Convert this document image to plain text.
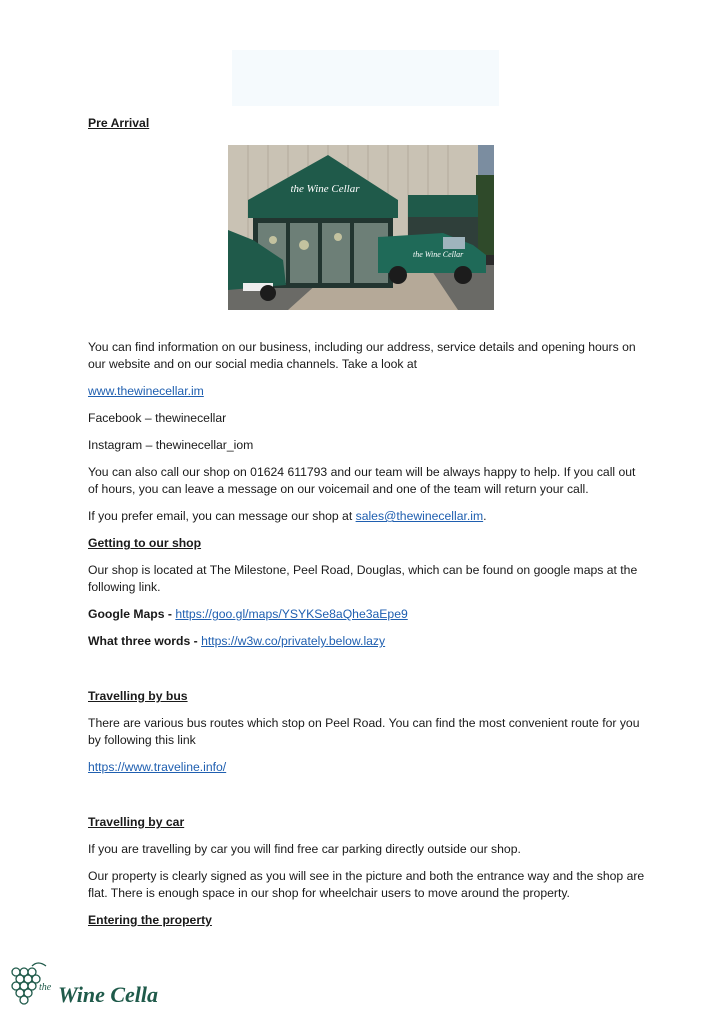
the Wine Cellar
the Wine Cellar

Pre Arrival

You can find information on our business, including our address, service details and opening hours on our website and on our social media channels. Take a look at

www.thewinecellar.im

Facebook – thewinecellar

Instagram – thewinecellar_iom

You can also call our shop on 01624 611793 and our team will be always happy to help. If you call out of hours, you can leave a message on our voicemail and one of the team will return your call.

If you prefer email, you can message our shop at sales@thewinecellar.im.

Getting to our shop

Our shop is located at The Milestone, Peel Road, Douglas, which can be found on google maps at the following link.

Google Maps - https://goo.gl/maps/YSYKSe8aQhe3aEpe9

What three words - https://w3w.co/privately.below.lazy

Travelling by bus

There are various bus routes which stop on Peel Road. You can find the most convenient route for you by following this link

https://www.traveline.info/

Travelling by car

If you are travelling by car you will find free car parking directly outside our shop.

Our property is clearly signed as you will see in the picture and both the entrance way and the shop are flat. There is enough space in our shop for wheelchair users to move around the property.

Entering the property

the Wine Cellar
